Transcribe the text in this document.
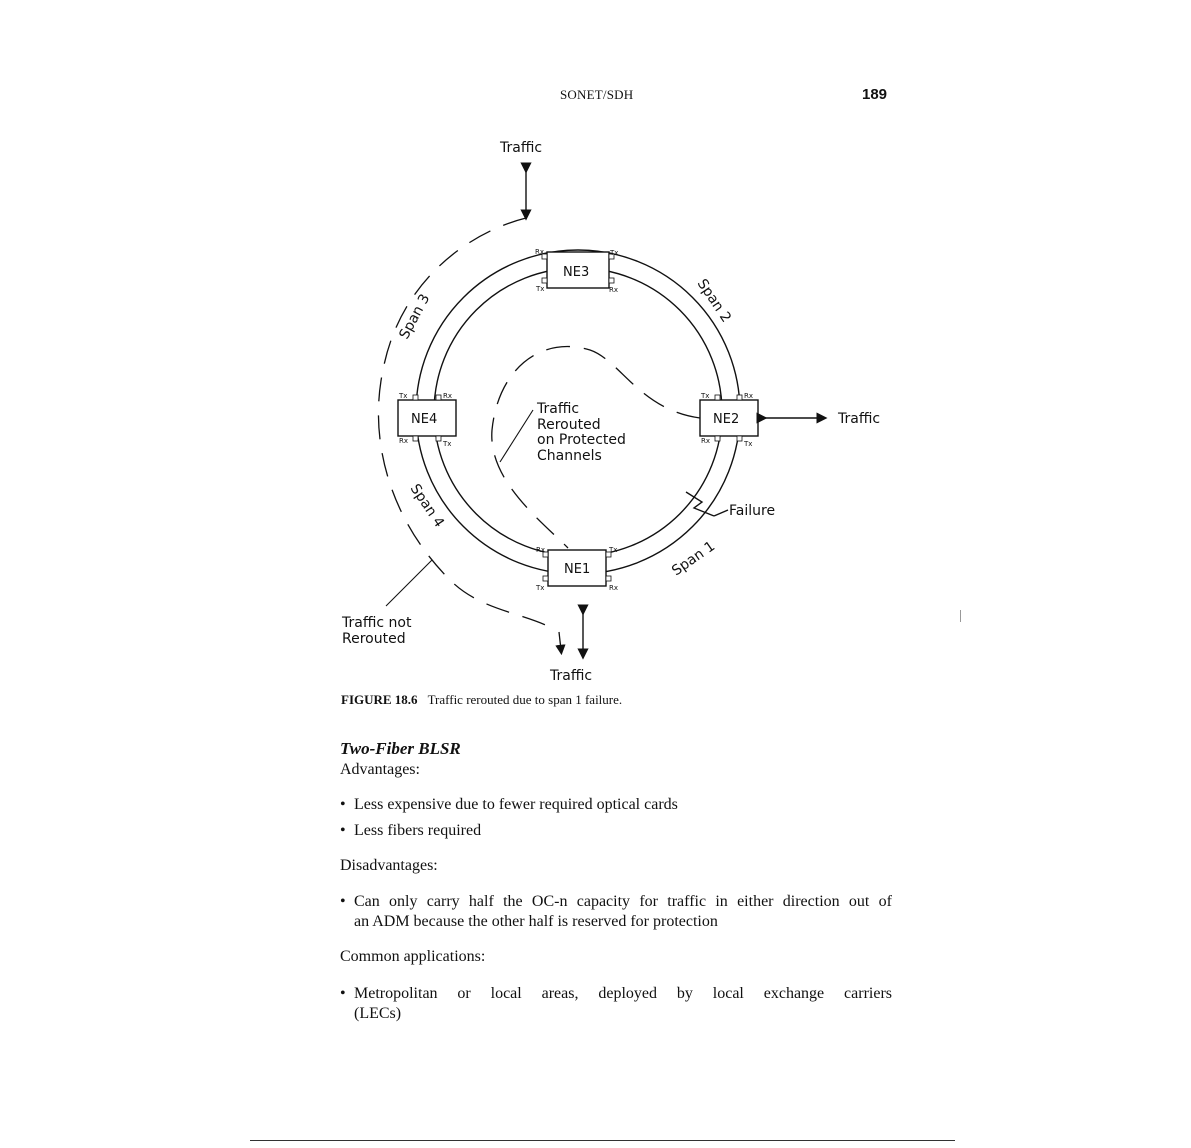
SONET/SDH	189
NE3
Rx	Tx
Tx	Rx
NE4
Tx	Rx
Rx	Tx
NE2
Tx	Rx
Rx	Tx
NE1
Rx	Tx
Tx	Rx
Failure
Traffic
Span 3	Span 2
Span 4
Span 1
Traffic
Rerouted
on Protected
Channels
Traffic
Traffic
Traffic not
Rerouted
FIGURE 18.6 Traffic rerouted due to span 1 failure.
Two-Fiber BLSR
Advantages:
• Less expensive due to fewer required optical cards
• Less fibers required
Disadvantages:
• Can only carry half the OC-n capacity for traffic in either direction out of
an ADM because the other half is reserved for protection
Common applications:
• Metropolitan or local areas, deployed by local exchange carriers
(LECs)
